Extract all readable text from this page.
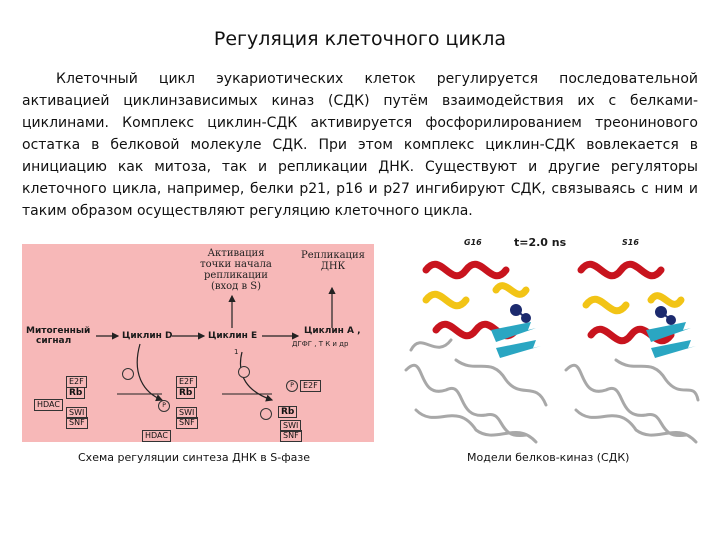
Регуляция клеточного цикла

Клеточный цикл эукариотических клеток регулируется последовательной активацией циклинзависимых киназ (СДК) путём взаимодействия их с белками-циклинами. Комплекс циклин-СДК активируется фосфорилированием треонинового остатка в белковой молекуле СДК. При этом комплекс циклин-СДК вовлекается в инициацию как митоза, так и репликации ДНК. Существуют и другие регуляторы клеточного цикла, например, белки р21, р16 и р27 ингибируют СДК, связываясь с ним и таким образом осуществляют регуляцию клеточного цикла.

Активация
точки начала
репликации
(вход в S)
Репликация
ДНК
Митогенный
сигнал	Циклин D	Циклин Е	Циклин А ,
ДГФГ , Т К и др
1
E2F
Rb
HDAC
SWI
SNF
E2F
Rb
P
SWI
SNF
HDAC
E2F
P
Rb
SWI
SNF
G16	t=2.0 ns	S16
Схема регуляции синтеза ДНК в S-фазе	Модели белков-киназ (СДК)
